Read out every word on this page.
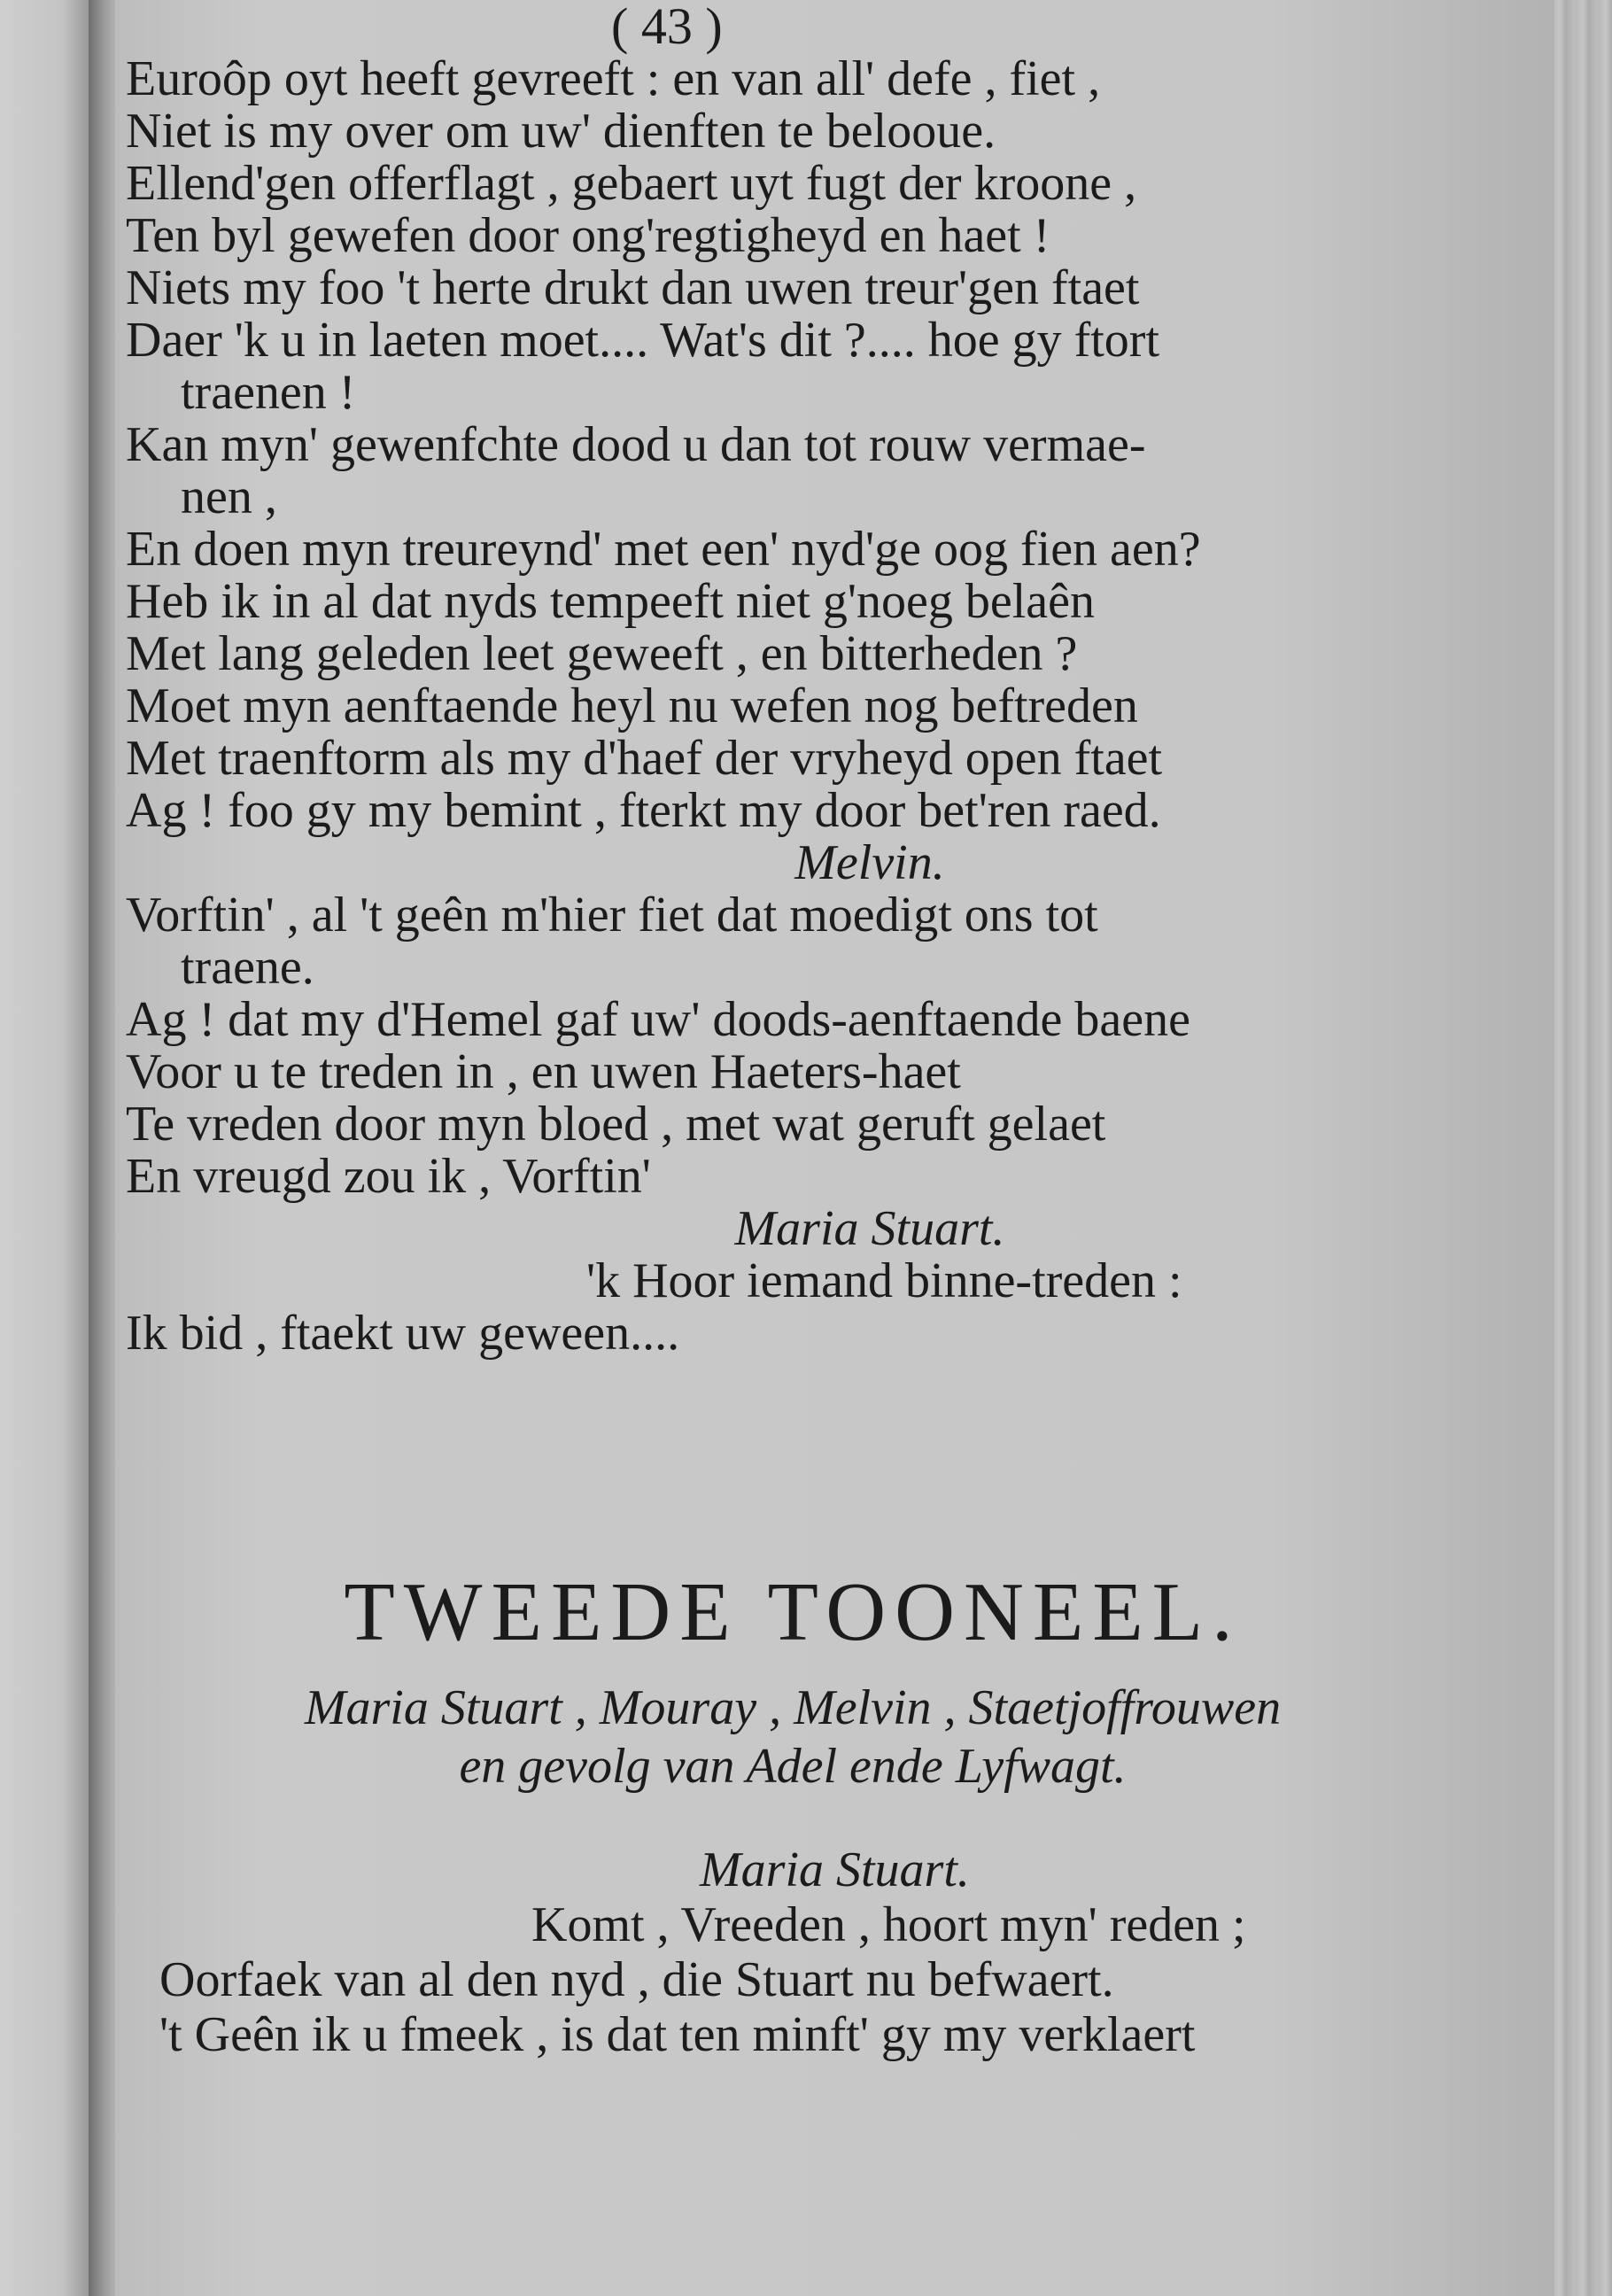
( 43 )
Euroôp oyt heeft gevreeft : en van all' defe , fiet ,
Niet is my over om uw' dienften te belooue.
Ellend'gen offerflagt , gebaert uyt fugt der kroone ,
Ten byl gewefen door ong'regtigheyd en haet !
Niets my foo 't herte drukt dan uwen treur'gen ftaet
Daer 'k u in laeten moet.... Wat's dit ?.... hoe gy ftort
traenen !
Kan myn' gewenfchte dood u dan tot rouw vermae-
nen ,
En doen myn treureynd' met een' nyd'ge oog fien aen?
Heb ik in al dat nyds tempeeft niet g'noeg belaên
Met lang geleden leet geweeft , en bitterheden ?
Moet myn aenftaende heyl nu wefen nog beftreden
Met traenftorm als my d'haef der vryheyd open ftaet
Ag ! foo gy my bemint , fterkt my door bet'ren raed.
Melvin.
Vorftin' , al 't geên m'hier fiet dat moedigt ons tot
traene.
Ag ! dat my d'Hemel gaf uw' doods-aenftaende baene
Voor u te treden in , en uwen Haeters-haet
Te vreden door myn bloed , met wat geruft gelaet
En vreugd zou ik , Vorftin'
Maria Stuart.
'k Hoor iemand binne-treden :
Ik bid , ftaekt uw geween....
TWEEDE TOONEEL.
Maria Stuart , Mouray , Melvin , Staetjoffrouwen
en gevolg van Adel ende Lyfwagt.
Maria Stuart.
Komt , Vreeden , hoort myn' reden ;
Oorfaek van al den nyd , die Stuart nu befwaert.
't Geên ik u fmeek , is dat ten minft' gy my verklaert
